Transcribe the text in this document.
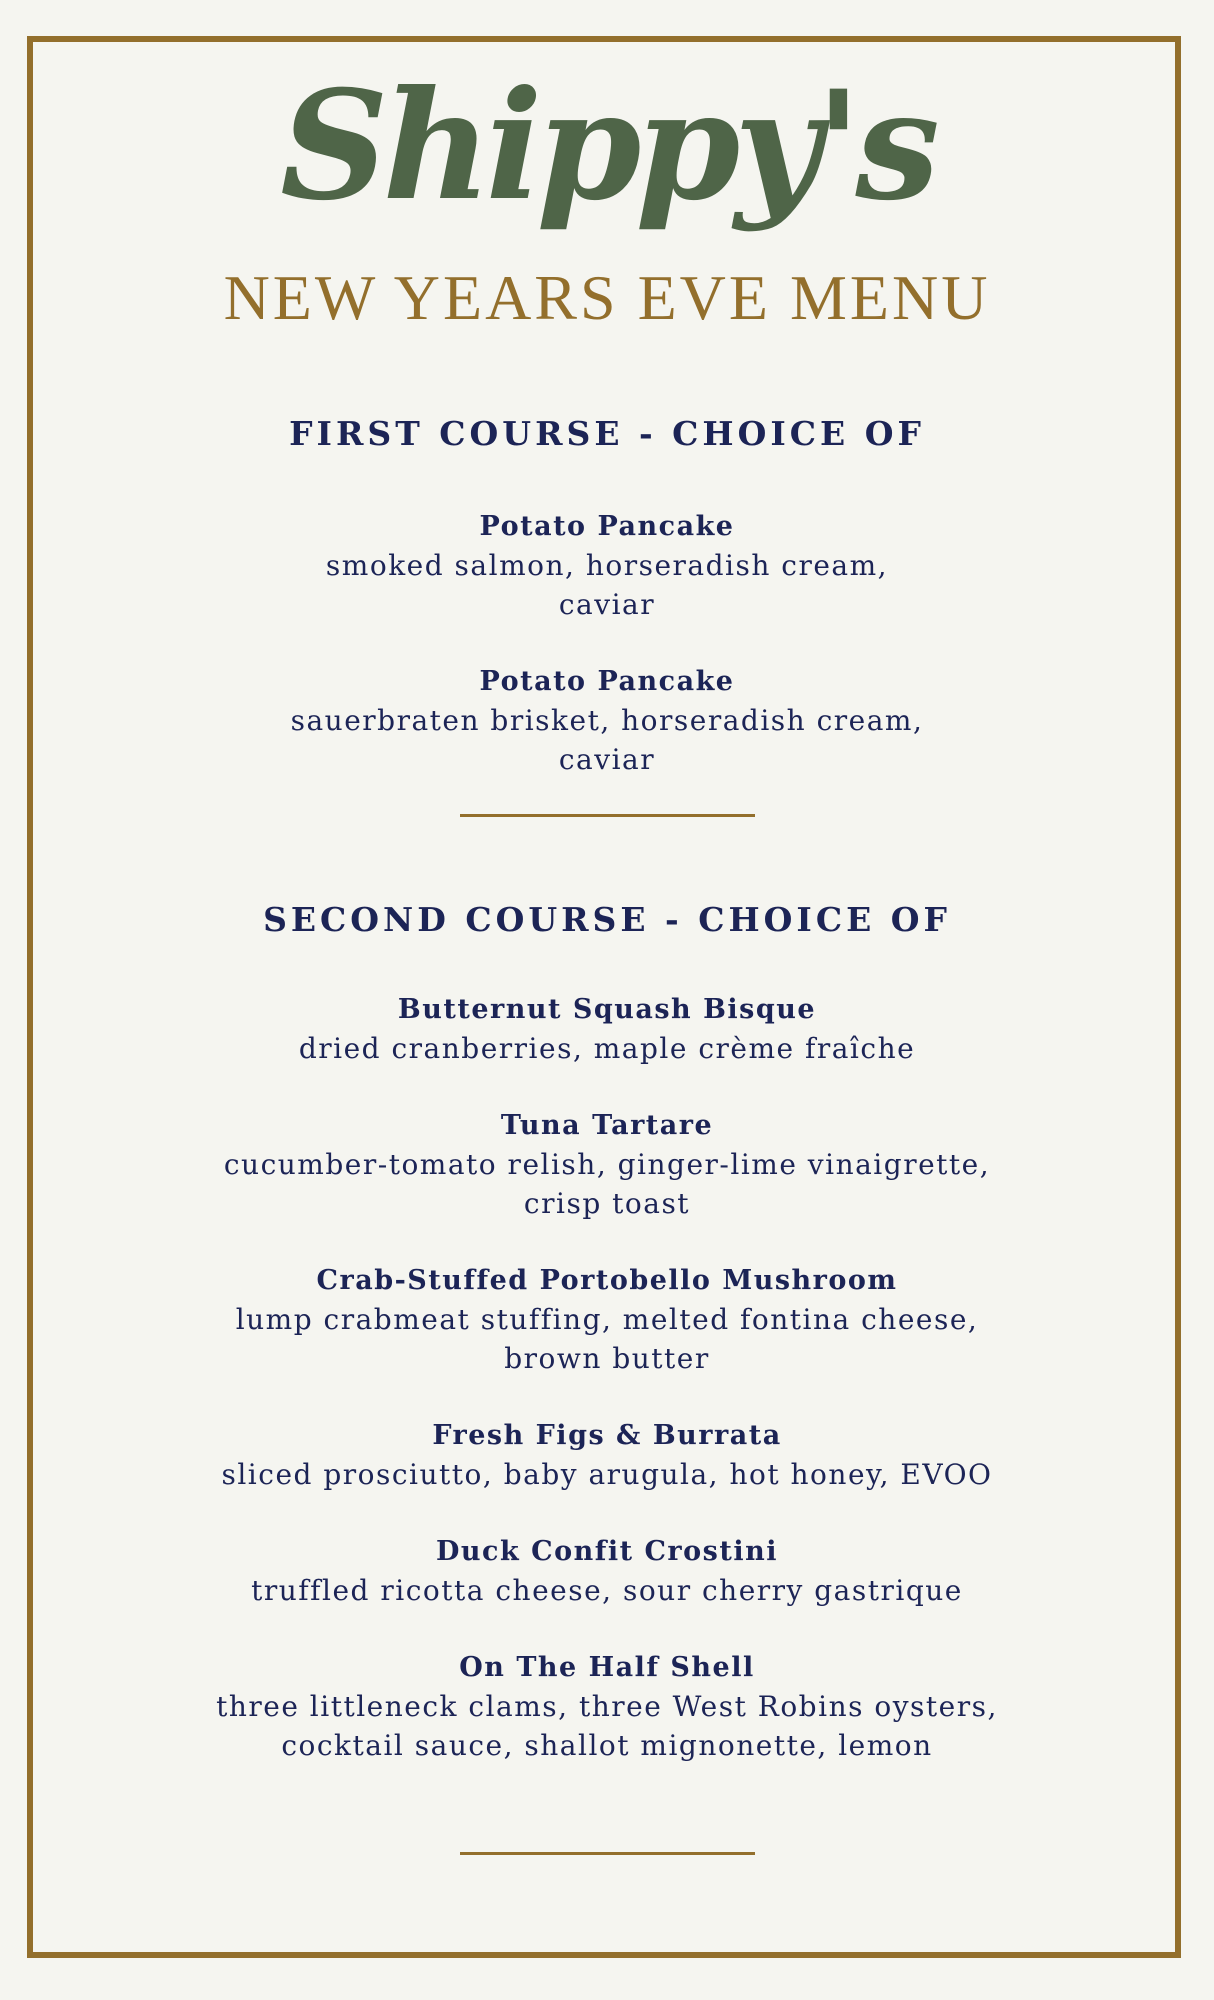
Shippy's
NEW YEARS EVE MENU
FIRST COURSE - CHOICE OF
Potato Pancake
smoked salmon, horseradish cream,
caviar
Potato Pancake
sauerbraten brisket, horseradish cream,
caviar
SECOND COURSE - CHOICE OF
Butternut Squash Bisque
dried cranberries, maple crème fraîche
Tuna Tartare
cucumber-tomato relish, ginger-lime vinaigrette,
crisp toast
Crab-Stuffed Portobello Mushroom
lump crabmeat stuffing, melted fontina cheese,
brown butter
Fresh Figs & Burrata
sliced prosciutto, baby arugula, hot honey, EVOO
Duck Confit Crostini
truffled ricotta cheese, sour cherry gastrique
On The Half Shell
three littleneck clams, three West Robins oysters,
cocktail sauce, shallot mignonette, lemon
